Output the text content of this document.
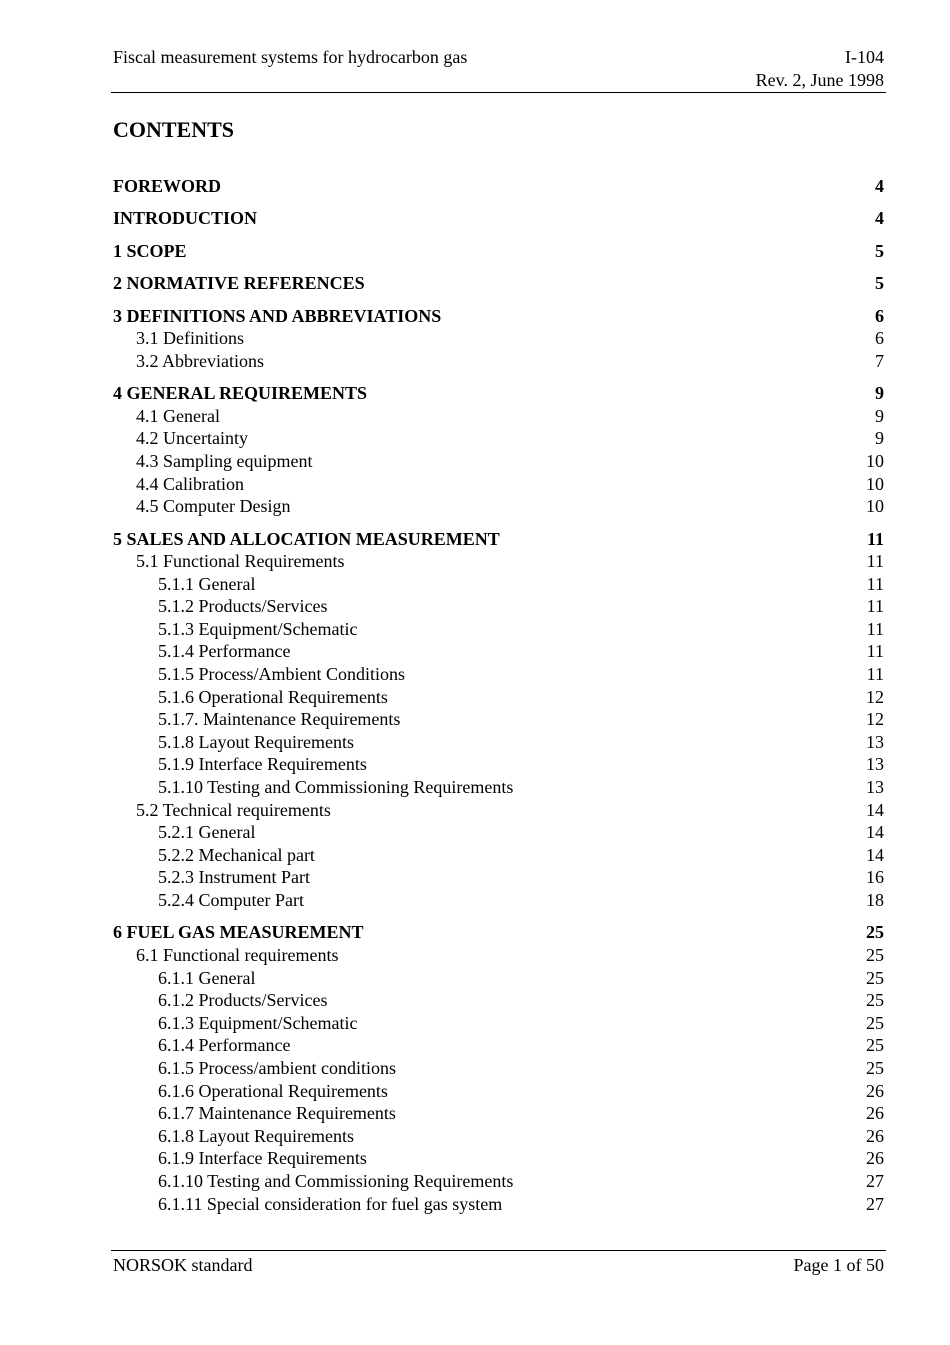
Fiscal measurement systems for hydrocarbon gas	I-104
Rev. 2, June 1998
CONTENTS
FOREWORD	4
INTRODUCTION	4
1 SCOPE	5
2 NORMATIVE REFERENCES	5
3 DEFINITIONS AND ABBREVIATIONS	6
3.1 Definitions	6
3.2 Abbreviations	7
4 GENERAL REQUIREMENTS	9
4.1 General	9
4.2 Uncertainty	9
4.3 Sampling equipment	10
4.4 Calibration	10
4.5 Computer Design	10
5 SALES AND ALLOCATION MEASUREMENT	11
5.1 Functional Requirements	11
5.1.1 General	11
5.1.2 Products/Services	11
5.1.3 Equipment/Schematic	11
5.1.4 Performance	11
5.1.5 Process/Ambient Conditions	11
5.1.6 Operational Requirements	12
5.1.7. Maintenance Requirements	12
5.1.8 Layout Requirements	13
5.1.9 Interface Requirements	13
5.1.10 Testing and Commissioning Requirements	13
5.2 Technical requirements	14
5.2.1 General	14
5.2.2 Mechanical part	14
5.2.3 Instrument Part	16
5.2.4 Computer Part	18
6 FUEL GAS MEASUREMENT	25
6.1 Functional requirements	25
6.1.1 General	25
6.1.2 Products/Services	25
6.1.3 Equipment/Schematic	25
6.1.4 Performance	25
6.1.5 Process/ambient conditions	25
6.1.6 Operational Requirements	26
6.1.7 Maintenance Requirements	26
6.1.8 Layout Requirements	26
6.1.9 Interface Requirements	26
6.1.10 Testing and Commissioning Requirements	27
6.1.11 Special consideration for fuel gas system	27
NORSOK standard	Page 1 of 50
